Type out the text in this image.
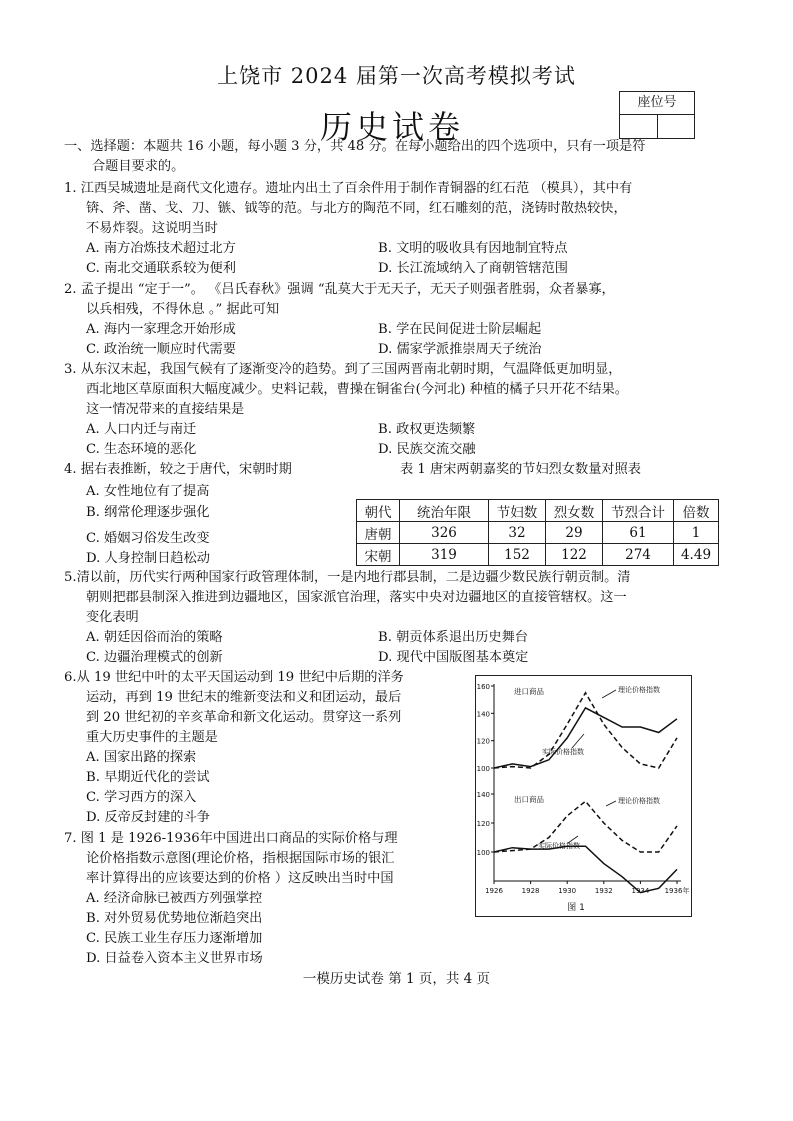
上饶市 2024 届第一次高考模拟考试
历史试卷
座位号
一、选择题：本题共 16 小题，每小题 3 分，共 48 分。在每小题给出的四个选项中，只有一项是符
合题目要求的。
1. 江西吴城遗址是商代文化遗存。遗址内出土了百余件用于制作青铜器的红石范 （模具），其中有
锛、斧、凿、戈、刀、镞、钺等的范。与北方的陶范不同，红石雕刻的范，浇铸时散热较快，
不易炸裂。这说明当时
A. 南方冶炼技术超过北方	B. 文明的吸收具有因地制宜特点
C. 南北交通联系较为便利	D. 长江流域纳入了商朝管辖范围
2. 孟子提出 “定于一”。 《吕氏春秋》强调 “乱莫大于无天子，无天子则强者胜弱，众者暴寡，
以兵相残，不得休息 。” 据此可知
A. 海内一家理念开始形成	B. 学在民间促进士阶层崛起
C. 政治统一顺应时代需要	D. 儒家学派推崇周天子统治
3. 从东汉末起，我国气候有了逐渐变冷的趋势。到了三国两晋南北朝时期，气温降低更加明显，
西北地区草原面积大幅度减少。史料记载，曹操在铜雀台(今河北) 种植的橘子只开花不结果。
这一情况带来的直接结果是
A. 人口内迁与南迁	B. 政权更迭频繁
C. 生态环境的恶化	D. 民族交流交融
4. 据右表推断，较之于唐代，宋朝时期	表 1 唐宋两朝嘉奖的节妇烈女数量对照表
A. 女性地位有了提高
B. 纲常伦理逐步强化
C. 婚姻习俗发生改变
D. 人身控制日趋松动
朝代	统治年限	节妇数	烈女数	节烈合计	倍数
唐朝	326	32	29	61	1
宋朝	319	152	122	274	4.49
5.清以前，历代实行两种国家行政管理体制，一是内地行郡县制，二是边疆少数民族行朝贡制。清
朝则把郡县制深入推进到边疆地区，国家派官治理，落实中央对边疆地区的直接管辖权。这一
变化表明
A. 朝廷因俗而治的策略	B. 朝贡体系退出历史舞台
C. 边疆治理模式的创新	D. 现代中国版图基本奠定
6.从 19 世纪中叶的太平天国运动到 19 世纪中后期的洋务
运动，再到 19 世纪末的维新变法和义和团运动，最后
到 20 世纪初的辛亥革命和新文化运动。贯穿这一系列
重大历史事件的主题是
A. 国家出路的探索
B. 早期近代化的尝试
C. 学习西方的深入
D. 反帝反封建的斗争
7. 图 1 是 1926-1936年中国进出口商品的实际价格与理
论价格指数示意图(理论价格，指根据国际市场的银汇
率计算得出的应该要达到的价格 ）这反映出当时中国
A. 经济命脉已被西方列强掌控
B. 对外贸易优势地位渐趋突出
C. 民族工业生存压力逐渐增加
D. 日益卷入资本主义世界市场
160
140
120
100
进口商品	理论价格指数
实际价格指数
140
120
100
出口商品	理论价格指数
实际价格指数
1926	1928	1930	1932	1934 1936年
图 1
一模历史试卷 第 1 页，共 4 页
